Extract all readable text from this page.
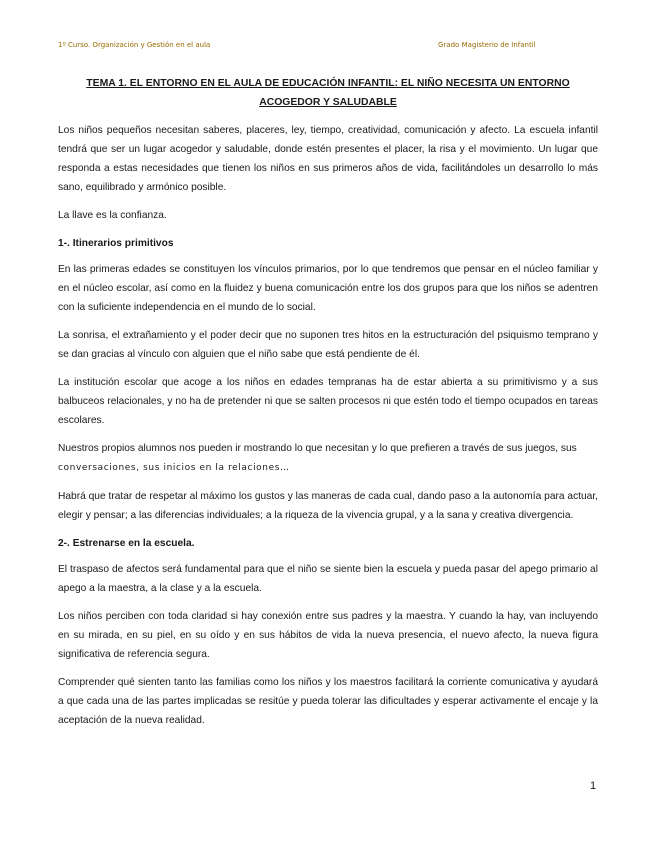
1º Curso. Organización y Gestión en el aula	Grado Magisterio de Infantil
TEMA 1. EL ENTORNO EN EL AULA DE EDUCACIÓN INFANTIL: EL NIÑO NECESITA UN ENTORNO
ACOGEDOR Y SALUDABLE

Los niños pequeños necesitan saberes, placeres, ley, tiempo, creatividad, comunicación y afecto. La escuela infantil tendrá que ser un lugar acogedor y saludable, donde estén presentes el placer, la risa y el movimiento. Un lugar que responda a estas necesidades que tienen los niños en sus primeros años de vida, facilitándoles un desarrollo lo más sano, equilibrado y armónico posible.

La llave es la confianza.

1-. Itinerarios primitivos

En las primeras edades se constituyen los vínculos primarios, por lo que tendremos que pensar en el núcleo familiar y en el núcleo escolar, así como en la fluidez y buena comunicación entre los dos grupos para que los niños se adentren con la suficiente independencia en el mundo de lo social.

La sonrisa, el extrañamiento y el poder decir que no suponen tres hitos en la estructuración del psiquismo temprano y se dan gracias al vínculo con alguien que el niño sabe que está pendiente de él.

La institución escolar que acoge a los niños en edades tempranas ha de estar abierta a su primitivismo y a sus balbuceos relacionales, y no ha de pretender ni que se salten procesos ni que estén todo el tiempo ocupados en tareas escolares.

Nuestros propios alumnos nos pueden ir mostrando lo que necesitan y lo que prefieren a través de sus juegos, sus
conversaciones, sus inicios en la relaciones…

Habrá que tratar de respetar al máximo los gustos y las maneras de cada cual, dando paso a la autonomía para actuar, elegir y pensar; a las diferencias individuales; a la riqueza de la vivencia grupal, y a la sana y creativa divergencia.

2-. Estrenarse en la escuela.

El traspaso de afectos será fundamental para que el niño se siente bien la escuela y pueda pasar del apego primario al apego a la maestra, a la clase y a la escuela.

Los niños perciben con toda claridad si hay conexión entre sus padres y la maestra. Y cuando la hay, van incluyendo en su mirada, en su piel, en su oído y en sus hábitos de vida la nueva presencia, el nuevo afecto, la nueva figura significativa de referencia segura.

Comprender qué sienten tanto las familias como los niños y los maestros facilitará la corriente comunicativa y ayudará a que cada una de las partes implicadas se resitúe y pueda tolerar las dificultades y esperar activamente el encaje y la aceptación de la nueva realidad.

1
